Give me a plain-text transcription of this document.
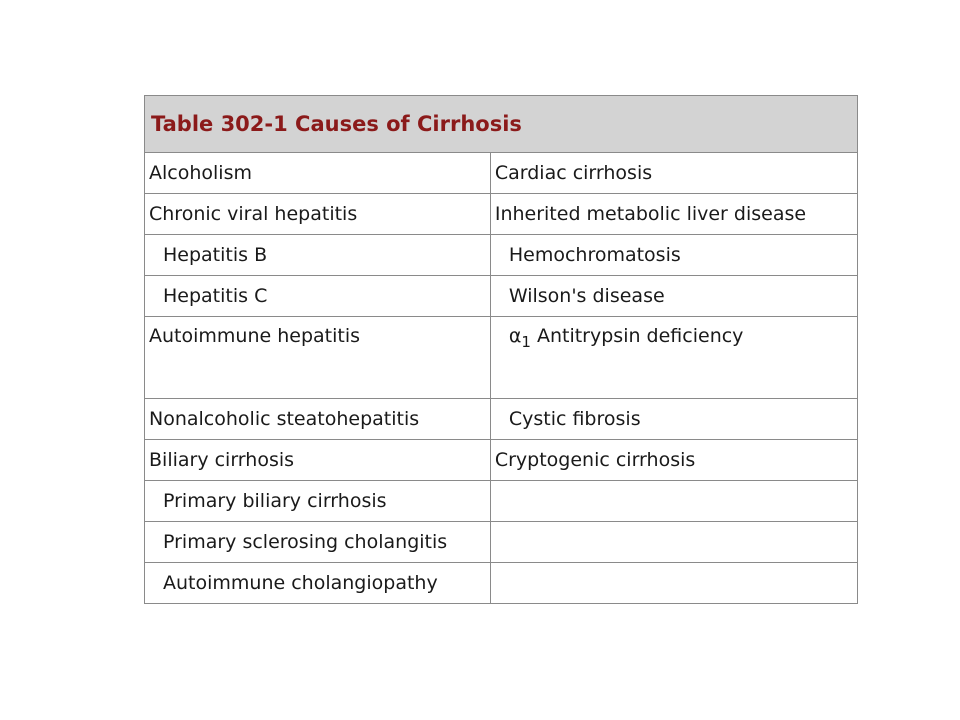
Table 302-1 Causes of Cirrhosis	
Alcoholism	Cardiac cirrhosis
Chronic viral hepatitis	Inherited metabolic liver disease
Hepatitis B	Hemochromatosis
Hepatitis C	Wilson's disease
Autoimmune hepatitis	$\alpha_1$ Antitrypsin deficiency
Nonalcoholic steatohepatitis	Cystic fibrosis
Biliary cirrhosis	Cryptogenic cirrhosis
Primary biliary cirrhosis	
Primary sclerosing cholangitis	
Autoimmune cholangiopathy	
